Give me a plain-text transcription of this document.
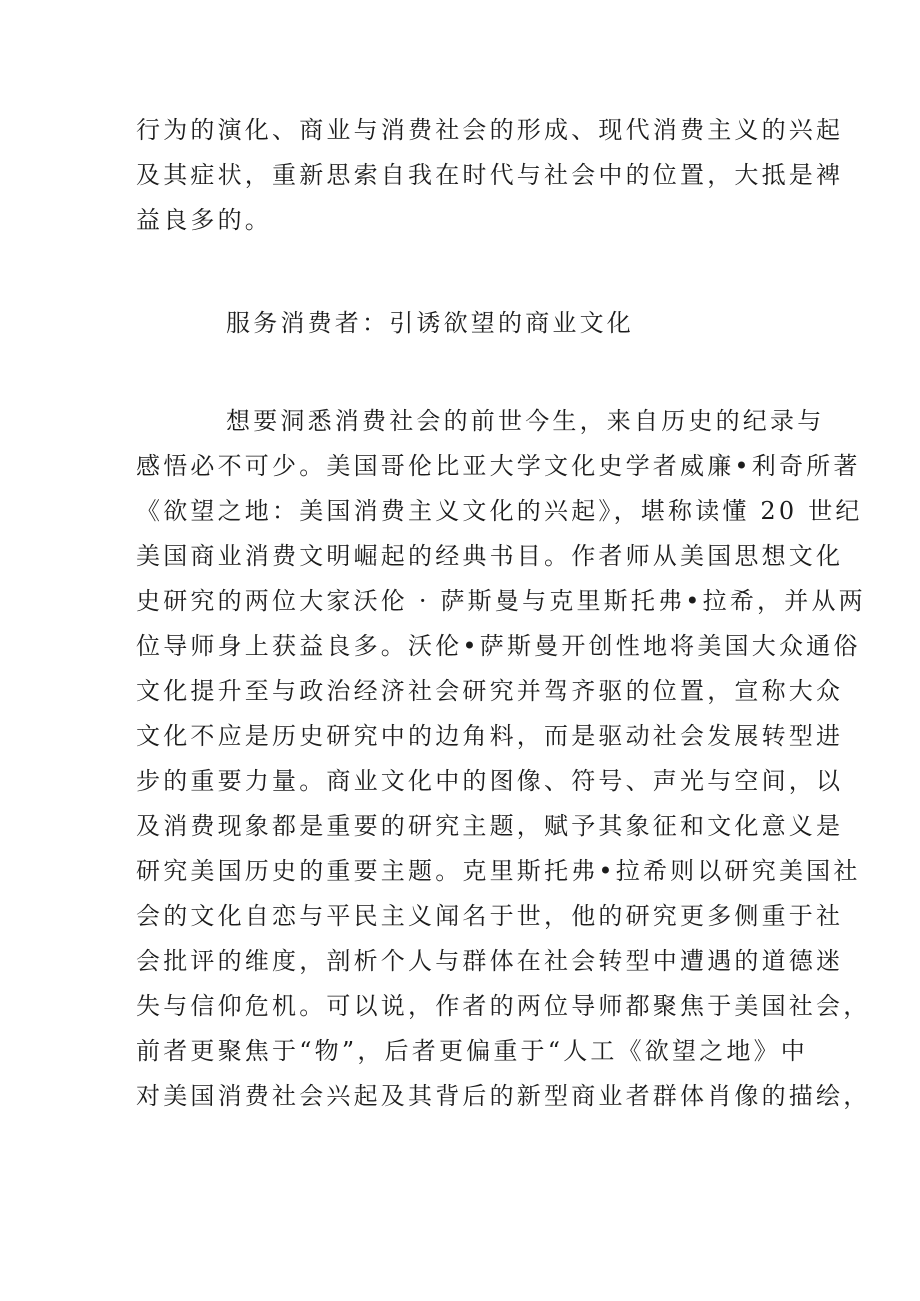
行为的演化、商业与消费社会的形成、现代消费主义的兴起
及其症状，重新思索自我在时代与社会中的位置，大抵是裨
益良多的。
服务消费者：引诱欲望的商业文化
想要洞悉消费社会的前世今生，来自历史的纪录与
感悟必不可少。美国哥伦比亚大学文化史学者威廉•利奇所著
《欲望之地：美国消费主义文化的兴起》，堪称读懂 20 世纪
美国商业消费文明崛起的经典书目。作者师从美国思想文化
史研究的两位大家沃伦 · 萨斯曼与克里斯托弗•拉希，并从两
位导师身上获益良多。沃伦•萨斯曼开创性地将美国大众通俗
文化提升至与政治经济社会研究并驾齐驱的位置，宣称大众
文化不应是历史研究中的边角料，而是驱动社会发展转型进
步的重要力量。商业文化中的图像、符号、声光与空间，以
及消费现象都是重要的研究主题，赋予其象征和文化意义是
研究美国历史的重要主题。克里斯托弗•拉希则以研究美国社
会的文化自恋与平民主义闻名于世，他的研究更多侧重于社
会批评的维度，剖析个人与群体在社会转型中遭遇的道德迷
失与信仰危机。可以说，作者的两位导师都聚焦于美国社会，
前者更聚焦于“物”，后者更偏重于“人工《欲望之地》中
对美国消费社会兴起及其背后的新型商业者群体肖像的描绘，
